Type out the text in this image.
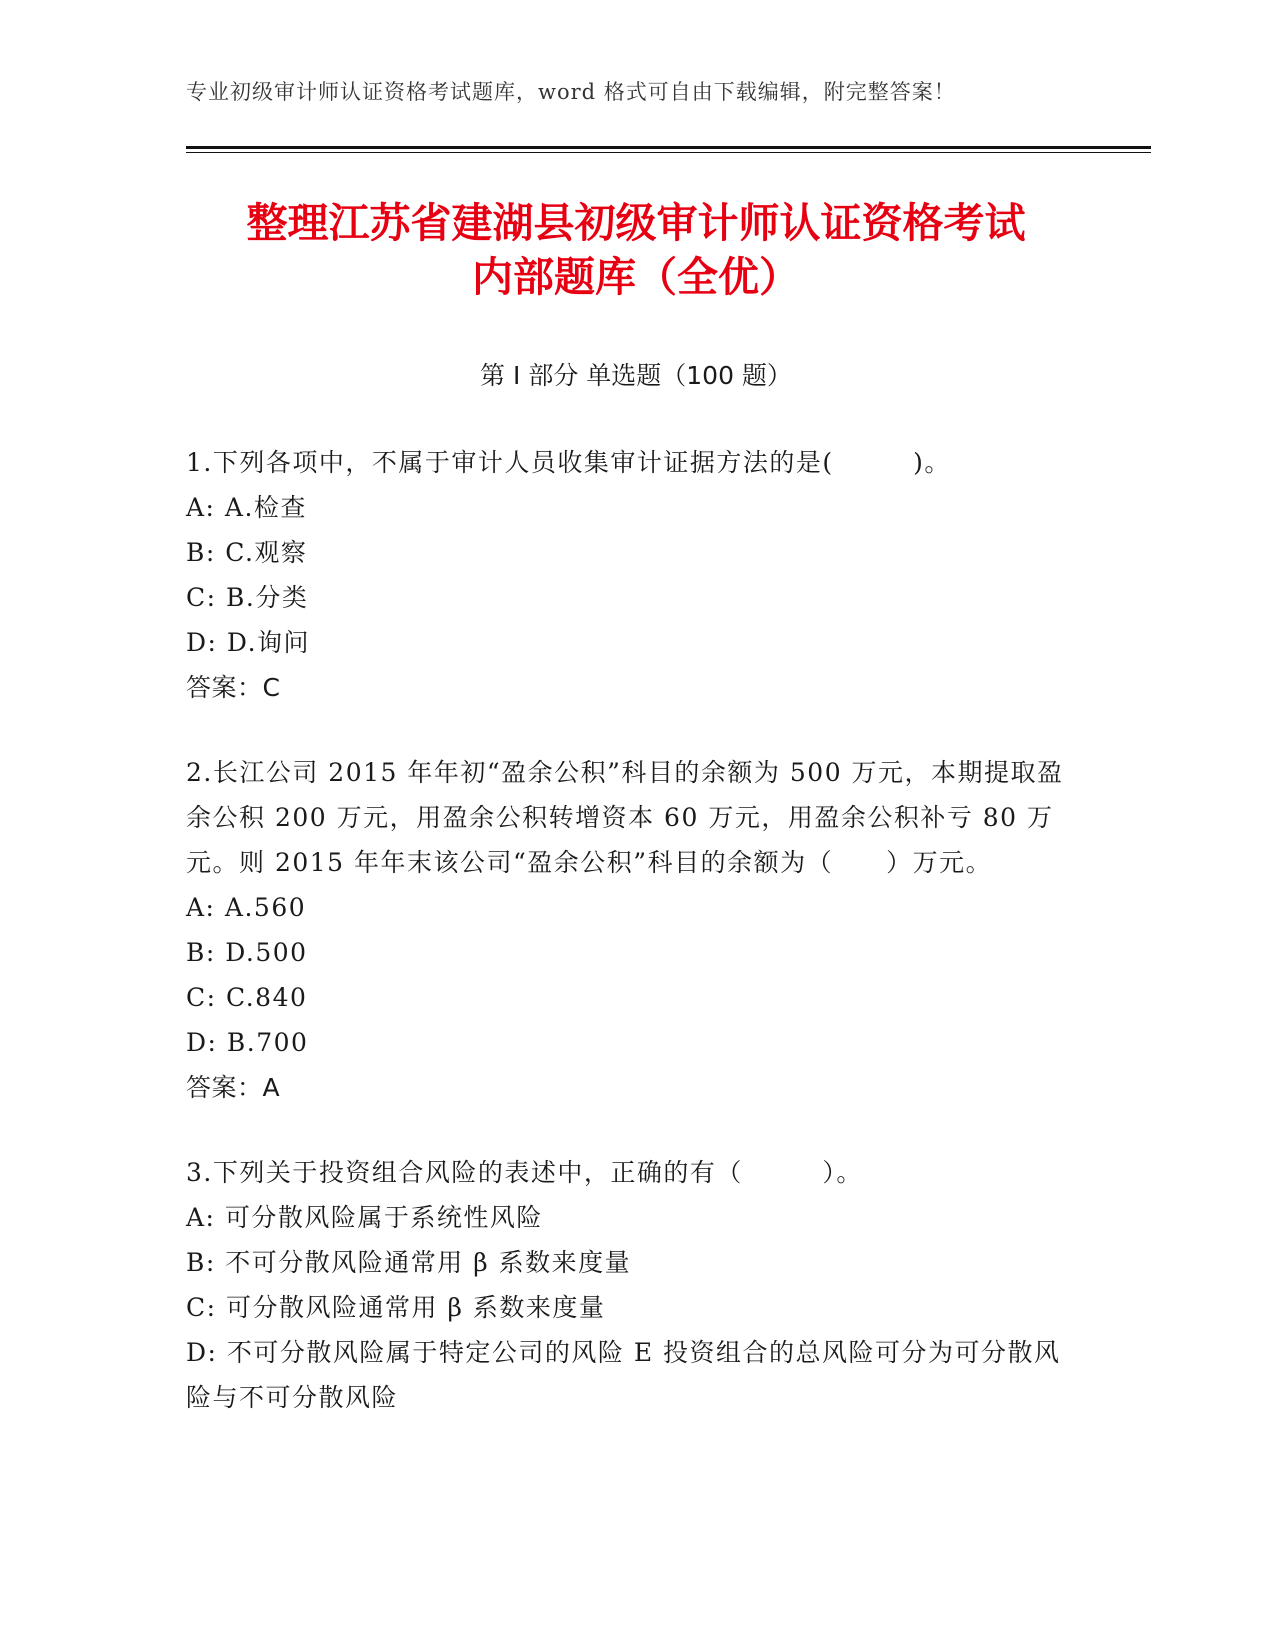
专业初级审计师认证资格考试题库，word 格式可自由下载编辑，附完整答案！
整理江苏省建湖县初级审计师认证资格考试
内部题库（全优）
第 I 部分 单选题（100 题）
1.下列各项中，不属于审计人员收集审计证据方法的是(　　　)。
A: A.检查
B: C.观察
C: B.分类
D: D.询问
答案：C
2.长江公司 2015 年年初“盈余公积”科目的余额为 500 万元，本期提取盈余公积 200 万元，用盈余公积转增资本 60 万元，用盈余公积补亏 80 万元。则 2015 年年末该公司“盈余公积”科目的余额为（　　）万元。
A: A.560
B: D.500
C: C.840
D: B.700
答案：A
3.下列关于投资组合风险的表述中，正确的有（　　　）。
A: 可分散风险属于系统性风险
B: 不可分散风险通常用 β 系数来度量
C: 可分散风险通常用 β 系数来度量
D: 不可分散风险属于特定公司的风险 E 投资组合的总风险可分为可分散风险与不可分散风险
